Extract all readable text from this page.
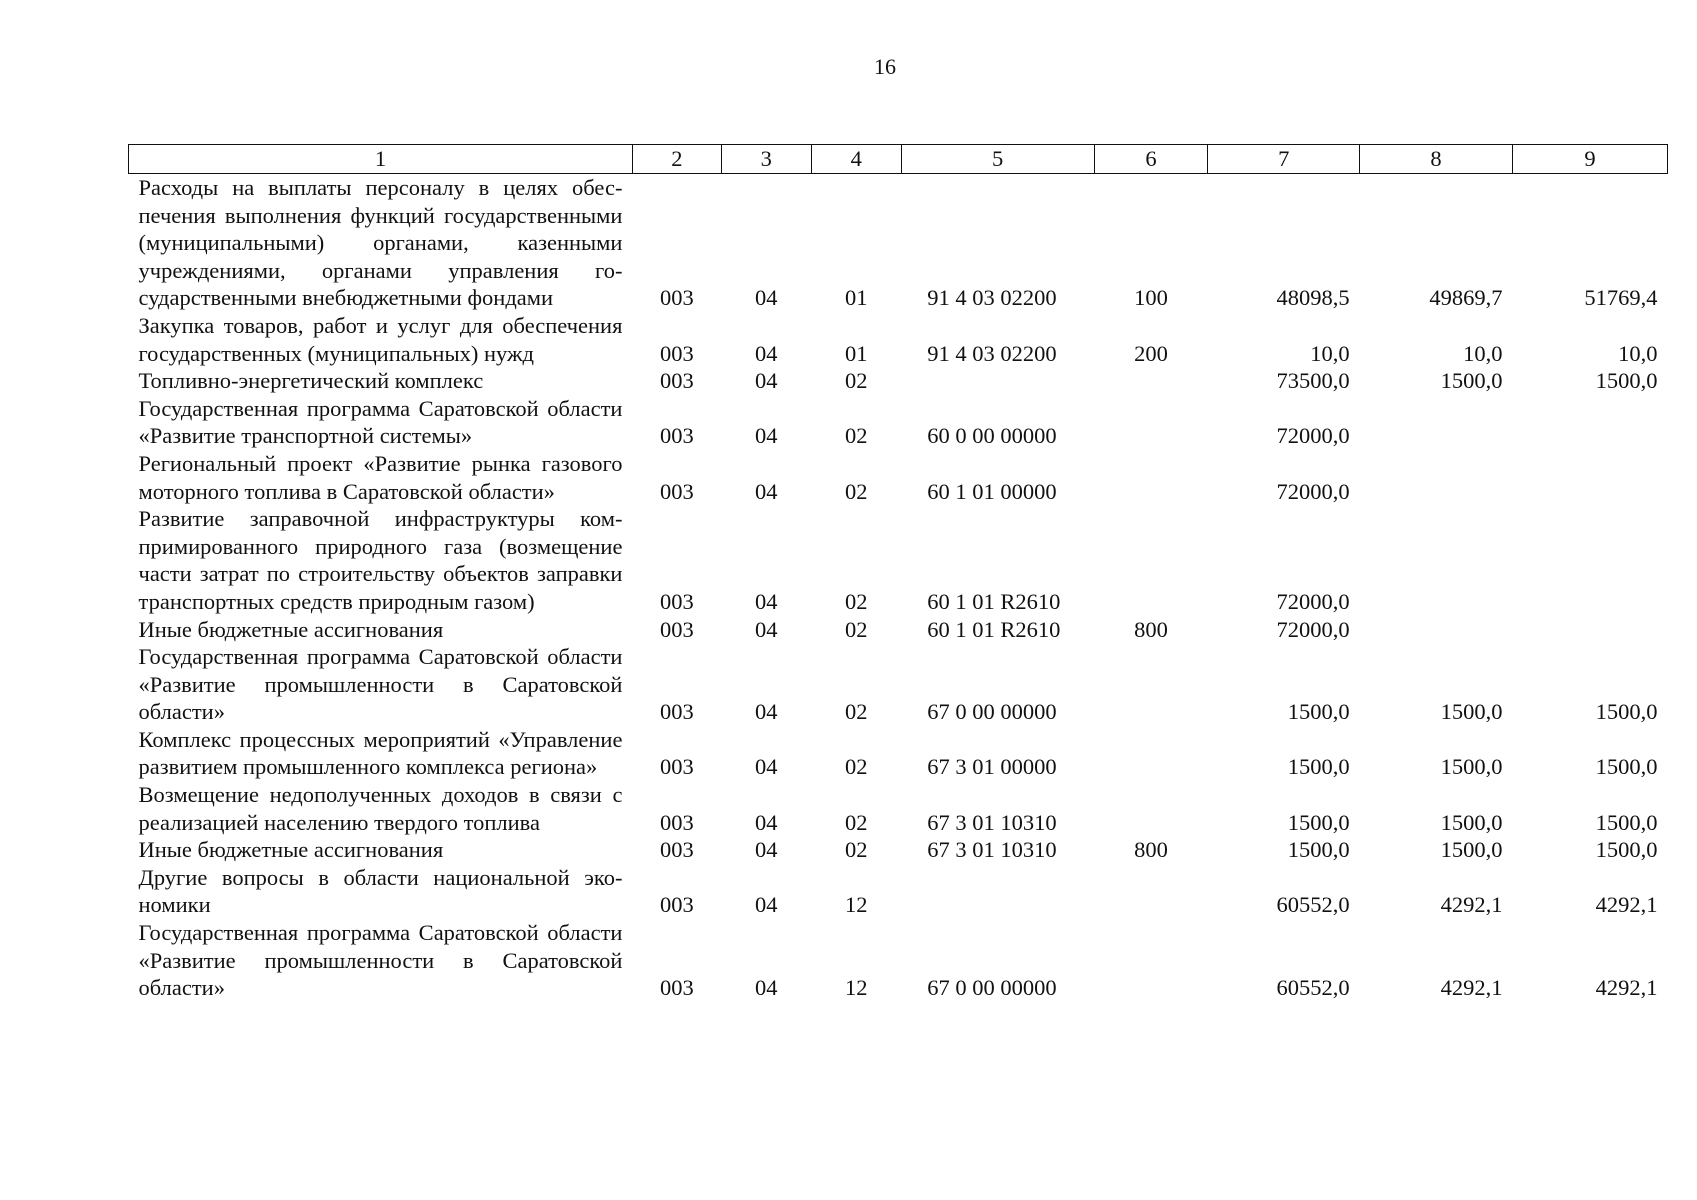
16
1	2	3	4	5	6	7	8	9
Расходы на выплаты персоналу в целях обеспечения выполнения функций государственными (муниципальными) органами, казенными учреждениями, органами управления государственными внебюджетными фондами	003	04	01	91 4 03 02200	100	48098,5	49869,7	51769,4
Закупка товаров, работ и услуг для обеспечения государственных (муниципальных) нужд	003	04	01	91 4 03 02200	200	10,0	10,0	10,0
Топливно-энергетический комплекс	003	04	02			73500,0	1500,0	1500,0
Государственная программа Саратовской области «Развитие транспортной системы»	003	04	02	60 0 00 00000		72000,0		
Региональный проект «Развитие рынка газового моторного топлива в Саратовской области»	003	04	02	60 1 01 00000		72000,0		
Развитие заправочной инфраструктуры компримированного природного газа (возмещение части затрат по строительству объектов заправки транспортных средств природным газом)	003	04	02	60 1 01 R2610		72000,0		
Иные бюджетные ассигнования	003	04	02	60 1 01 R2610	800	72000,0		
Государственная программа Саратовской области «Развитие промышленности в Саратовской области»	003	04	02	67 0 00 00000		1500,0	1500,0	1500,0
Комплекс процессных мероприятий «Управление развитием промышленного комплекса региона»	003	04	02	67 3 01 00000		1500,0	1500,0	1500,0
Возмещение недополученных доходов в связи с реализацией населению твердого топлива	003	04	02	67 3 01 10310		1500,0	1500,0	1500,0
Иные бюджетные ассигнования	003	04	02	67 3 01 10310	800	1500,0	1500,0	1500,0
Другие вопросы в области национальной экономики	003	04	12			60552,0	4292,1	4292,1
Государственная программа Саратовской области «Развитие промышленности в Саратовской области»	003	04	12	67 0 00 00000		60552,0	4292,1	4292,1
